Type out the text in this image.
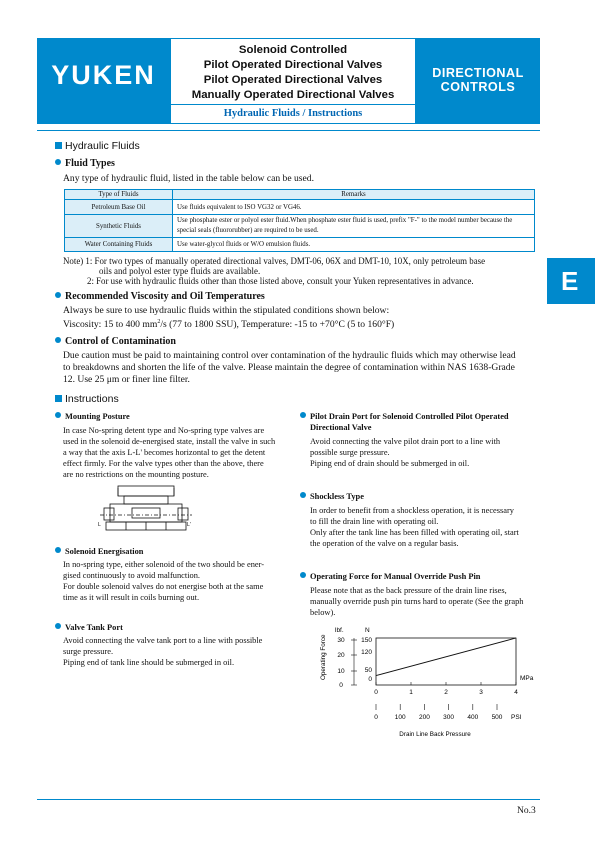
YUKEN
Solenoid Controlled
Pilot Operated Directional Valves
Pilot Operated Directional Valves
Manually Operated Directional Valves
Hydraulic Fluids / Instructions
DIRECTIONAL
CONTROLS
E
Hydraulic Fluids
Fluid Types
Any type of hydraulic fluid, listed in the table below can be used.
Type of Fluids	Remarks
Petroleum Base Oil	Use fluids equivalent to ISO VG32 or VG46.
Synthetic Fluids	Use phosphate ester or polyol ester fluid.When phosphate ester fluid is used, prefix "F-" to the model number because the special seals (fluororubber) are required to be used.
Water Containing Fluids	Use water-glycol fluids or W/O emulsion fluids.
Note) 1: For two types of manually operated directional valves, DMT-06, 06X and DMT-10, 10X, only petroleum base
oils and polyol ester type fluids are available.
2: For use with hydraulic fluids other than those listed above, consult your Yuken representatives in advance.
Recommended Viscosity and Oil Temperatures
Always be sure to use hydraulic fluids within the stipulated conditions shown below:
Viscosity: 15 to 400 $mm^2/s$ (77 to 1800 SSU), Temperature: -15 to +70°C (5 to 160°F)
Control of Contamination
Due caution must be paid to maintaining control over contamination of the hydraulic fluids which may otherwise lead
to breakdowns and shorten the life of the valve. Please maintain the degree of contamination within NAS 1638-Grade
12. Use 25 μm or finer line filter.
Instructions
Mounting Posture
In case No-spring detent type and No-spring type valves are
used in the solenoid de-energised state, install the valve in such
a way that the axis L-L' becomes horizontal to get the detent
effect firmly. For the valve types other than the above, there
are no restrictions on the mounting posture.
L	L'
Solenoid Energisation
In no-spring type, either solenoid of the two should be ener-
gised continuously to avoid malfunction.
For double solenoid valves do not energise both at the same
time as it will result in coils burning out.
Valve Tank Port
Avoid connecting the valve tank port to a line with possible
surge pressure.
Piping end of tank line should be submerged in oil.
Pilot Drain Port for Solenoid Controlled Pilot Operated
Directional Valve
Avoid connecting the valve pilot drain port to a line with
possible surge pressure.
Piping end of drain should be submerged in oil.
Shockless Type
In order to benefit from a shockless operation, it is necessary
to fill the drain line with operating oil.
Only after the tank line has been filled with operating oil, start
the operation of the valve on a regular basis.
Operating Force for Manual Override Push Pin
Please note that as the back pressure of the drain line rises,
manually override push pin turns hard to operate (See the graph
below).
lbf.	N
30
20
10
0
150
120
50
0
Operating Force
0	1	2	3	4
MPa
0	100 200 300 400 500 PSI
Drain Line Back Pressure
No.3
